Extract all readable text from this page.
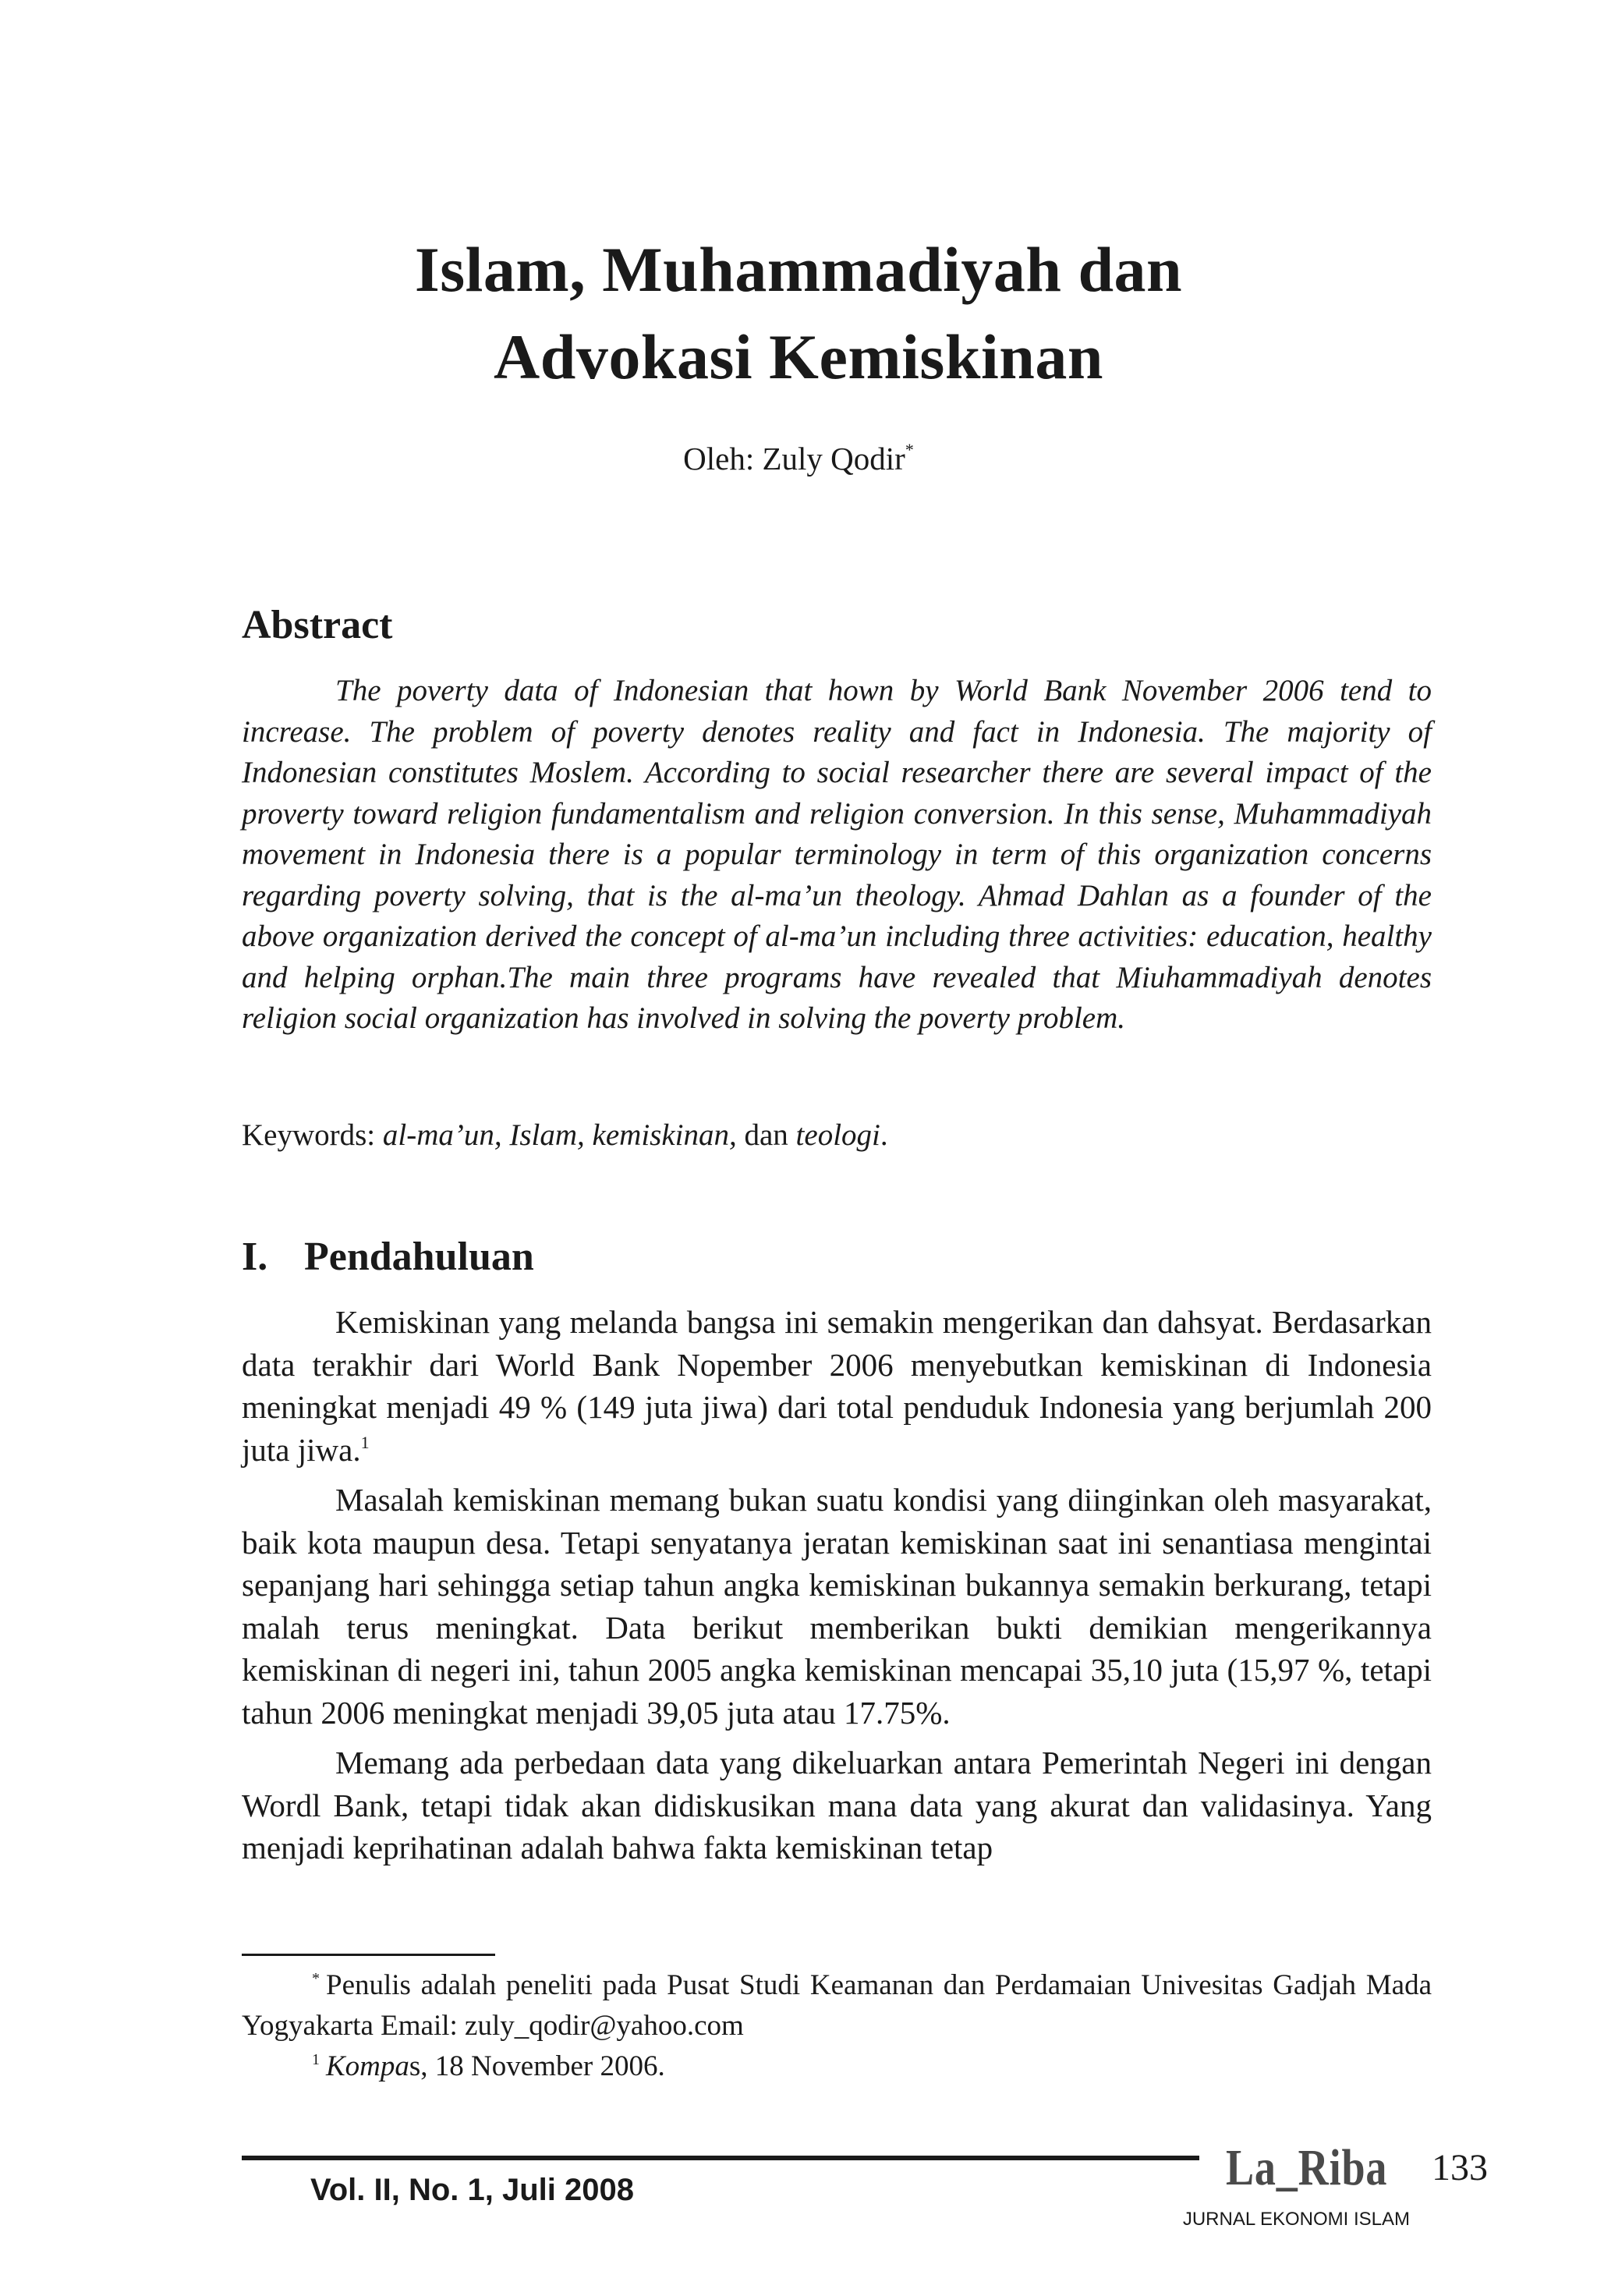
Islam, Muhammadiyah dan
Advokasi Kemiskinan
Oleh: Zuly Qodir*
Abstract

The poverty data of Indonesian that hown by World Bank November 2006 tend to increase. The problem of poverty denotes reality and fact in Indonesia. The majority of Indonesian constitutes Moslem. According to social researcher there are several impact of the proverty toward religion fundamentalism and religion conversion. In this sense, Muhammadiyah movement in Indonesia there is a popular terminology in term of this organization concerns regarding poverty solving, that is the al-ma’un theology. Ahmad Dahlan as a founder of the above organization derived the concept of al-ma’un including three activities: education, healthy and helping orphan.The main three programs have revealed that Miuhammadiyah denotes religion social organization has involved in solving the poverty problem.

Keywords: al-ma’un, Islam, kemiskinan, dan teologi.

I. Pendahuluan

Kemiskinan yang melanda bangsa ini semakin mengerikan dan dahsyat. Berdasarkan data terakhir dari World Bank Nopember 2006 menyebutkan kemiskinan di Indonesia meningkat menjadi 49 % (149 juta jiwa) dari total penduduk Indonesia yang berjumlah 200 juta jiwa.$^1$

Masalah kemiskinan memang bukan suatu kondisi yang diinginkan oleh masyarakat, baik kota maupun desa. Tetapi senyatanya jeratan kemiskinan saat ini senantiasa mengintai sepanjang hari sehingga setiap tahun angka kemiskinan bukannya semakin berkurang, tetapi malah terus meningkat. Data berikut memberikan bukti demikian mengerikannya kemiskinan di negeri ini, tahun 2005 angka kemiskinan mencapai 35,10 juta (15,97 %, tetapi tahun 2006 meningkat menjadi 39,05 juta atau 17.75%.

Memang ada perbedaan data yang dikeluarkan antara Pemerintah Negeri ini dengan Wordl Bank, tetapi tidak akan didiskusikan mana data yang akurat dan validasinya. Yang menjadi keprihatinan adalah bahwa fakta kemiskinan tetap

* Penulis adalah peneliti pada Pusat Studi Keamanan dan Perdamaian Univesitas Gadjah Mada Yogyakarta Email: zuly_qodir@yahoo.com

$^1$ Kompas, 18 November 2006.

Vol. II, No. 1, Juli 2008	La_Riba
JURNAL EKONOMI ISLAM
133
